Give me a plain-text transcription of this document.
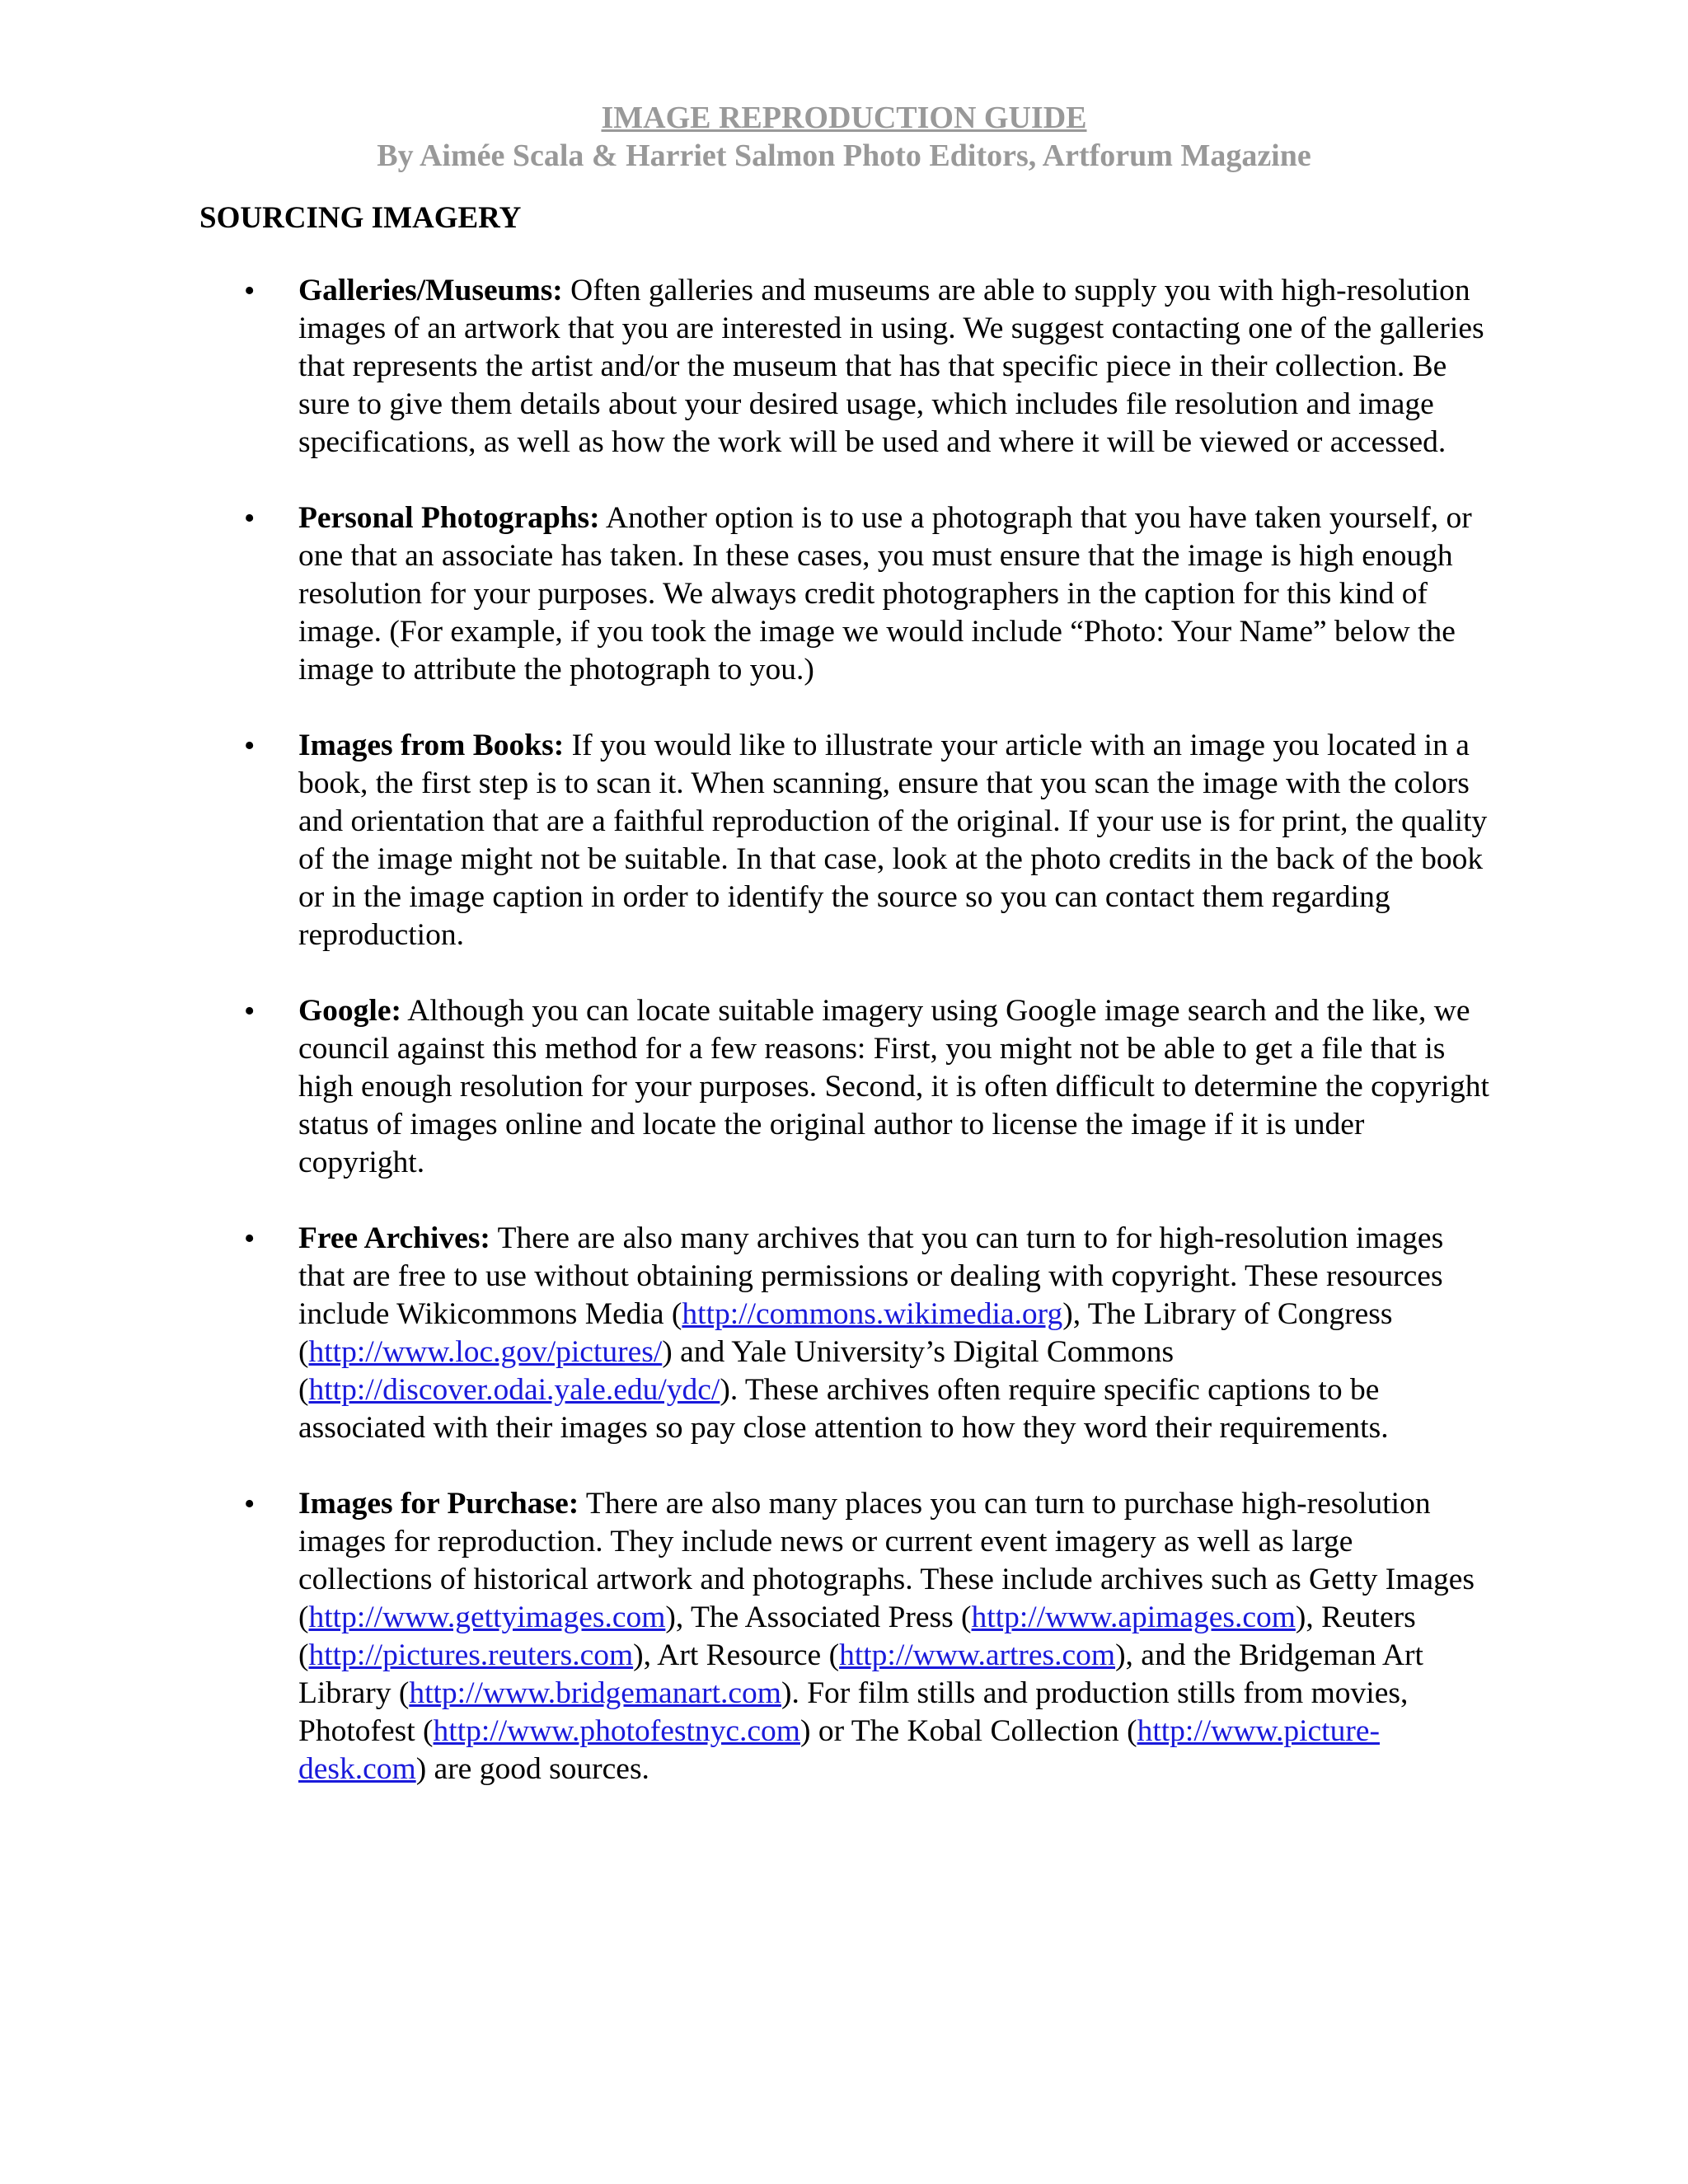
IMAGE REPRODUCTION GUIDE
By Aimée Scala & Harriet Salmon Photo Editors, Artforum Magazine
SOURCING IMAGERY
• Galleries/Museums: Often galleries and museums are able to supply you with high-resolution images of an artwork that you are interested in using. We suggest contacting one of the galleries that represents the artist and/or the museum that has that specific piece in their collection. Be sure to give them details about your desired usage, which includes file resolution and image specifications, as well as how the work will be used and where it will be viewed or accessed.
• Personal Photographs: Another option is to use a photograph that you have taken yourself, or one that an associate has taken. In these cases, you must ensure that the image is high enough resolution for your purposes. We always credit photographers in the caption for this kind of image. (For example, if you took the image we would include “Photo: Your Name” below the image to attribute the photograph to you.)
• Images from Books: If you would like to illustrate your article with an image you located in a book, the first step is to scan it. When scanning, ensure that you scan the image with the colors and orientation that are a faithful reproduction of the original. If your use is for print, the quality of the image might not be suitable. In that case, look at the photo credits in the back of the book or in the image caption in order to identify the source so you can contact them regarding reproduction.
• Google: Although you can locate suitable imagery using Google image search and the like, we council against this method for a few reasons: First, you might not be able to get a file that is high enough resolution for your purposes. Second, it is often difficult to determine the copyright status of images online and locate the original author to license the image if it is under copyright.
• Free Archives: There are also many archives that you can turn to for high-resolution images that are free to use without obtaining permissions or dealing with copyright. These resources include Wikicommons Media (http://commons.wikimedia.org), The Library of Congress (http://www.loc.gov/pictures/) and Yale University’s Digital Commons (http://discover.odai.yale.edu/ydc/). These archives often require specific captions to be associated with their images so pay close attention to how they word their requirements.
• Images for Purchase: There are also many places you can turn to purchase high-resolution images for reproduction. They include news or current event imagery as well as large collections of historical artwork and photographs. These include archives such as Getty Images (http://www.gettyimages.com), The Associated Press (http://www.apimages.com), Reuters (http://pictures.reuters.com), Art Resource (http://www.artres.com), and the Bridgeman Art Library (http://www.bridgemanart.com). For film stills and production stills from movies, Photofest (http://www.photofestnyc.com) or The Kobal Collection (http://www.picture-desk.com) are good sources.
